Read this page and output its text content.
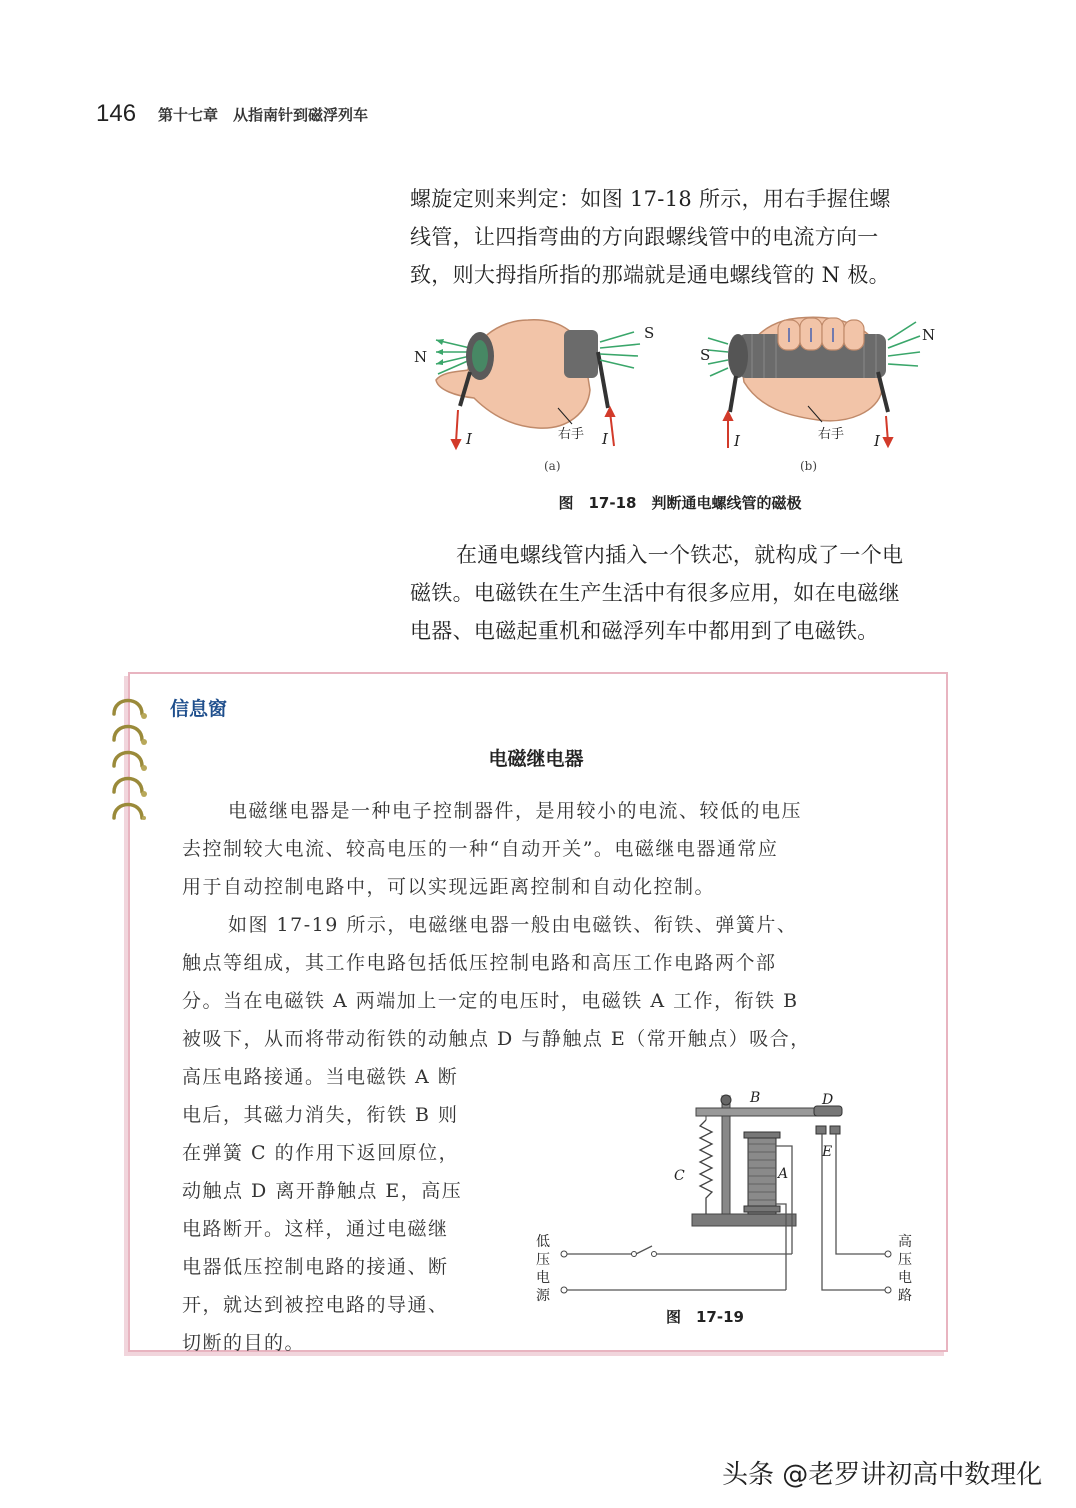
146 第十七章　从指南针到磁浮列车
螺旋定则来判定：如图 17-18 所示，用右手握住螺
线管，让四指弯曲的方向跟螺线管中的电流方向一
致，则大拇指所指的那端就是通电螺线管的 N 极。
N
S
I	I
右手
(a)
S
N
I	I
右手
(b)
图　17-18　判断通电螺线管的磁极
在通电螺线管内插入一个铁芯，就构成了一个电
磁铁。电磁铁在生产生活中有很多应用，如在电磁继
电器、电磁起重机和磁浮列车中都用到了电磁铁。
信息窗
电磁继电器
电磁继电器是一种电子控制器件，是用较小的电流、较低的电压
去控制较大电流、较高电压的一种“自动开关”。电磁继电器通常应
用于自动控制电路中，可以实现远距离控制和自动化控制。
如图 17-19 所示，电磁继电器一般由电磁铁、衔铁、弹簧片、
触点等组成，其工作电路包括低压控制电路和高压工作电路两个部
分。当在电磁铁 A 两端加上一定的电压时，电磁铁 A 工作，衔铁 B
被吸下，从而将带动衔铁的动触点 D 与静触点 E（常开触点）吸合，
高压电路接通。当电磁铁 A 断
电后，其磁力消失，衔铁 B 则
在弹簧 C 的作用下返回原位，
动触点 D 离开静触点 E，高压
电路断开。这样，通过电磁继
电器低压控制电路的接通、断
开，就达到被控电路的导通、
切断的目的。
B	D
E
C	A
低
压
电
源
高
压
电
路
图　17-19
头条 @老罗讲初高中数理化
